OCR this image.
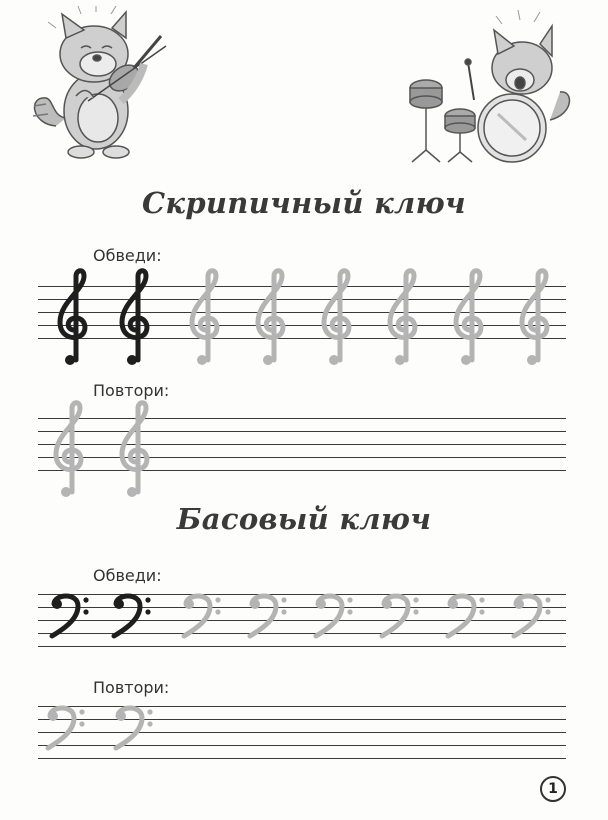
Скрипичный ключ
Обведи:
Повтори:
Басовый ключ
Обведи:
Повтори:
1
